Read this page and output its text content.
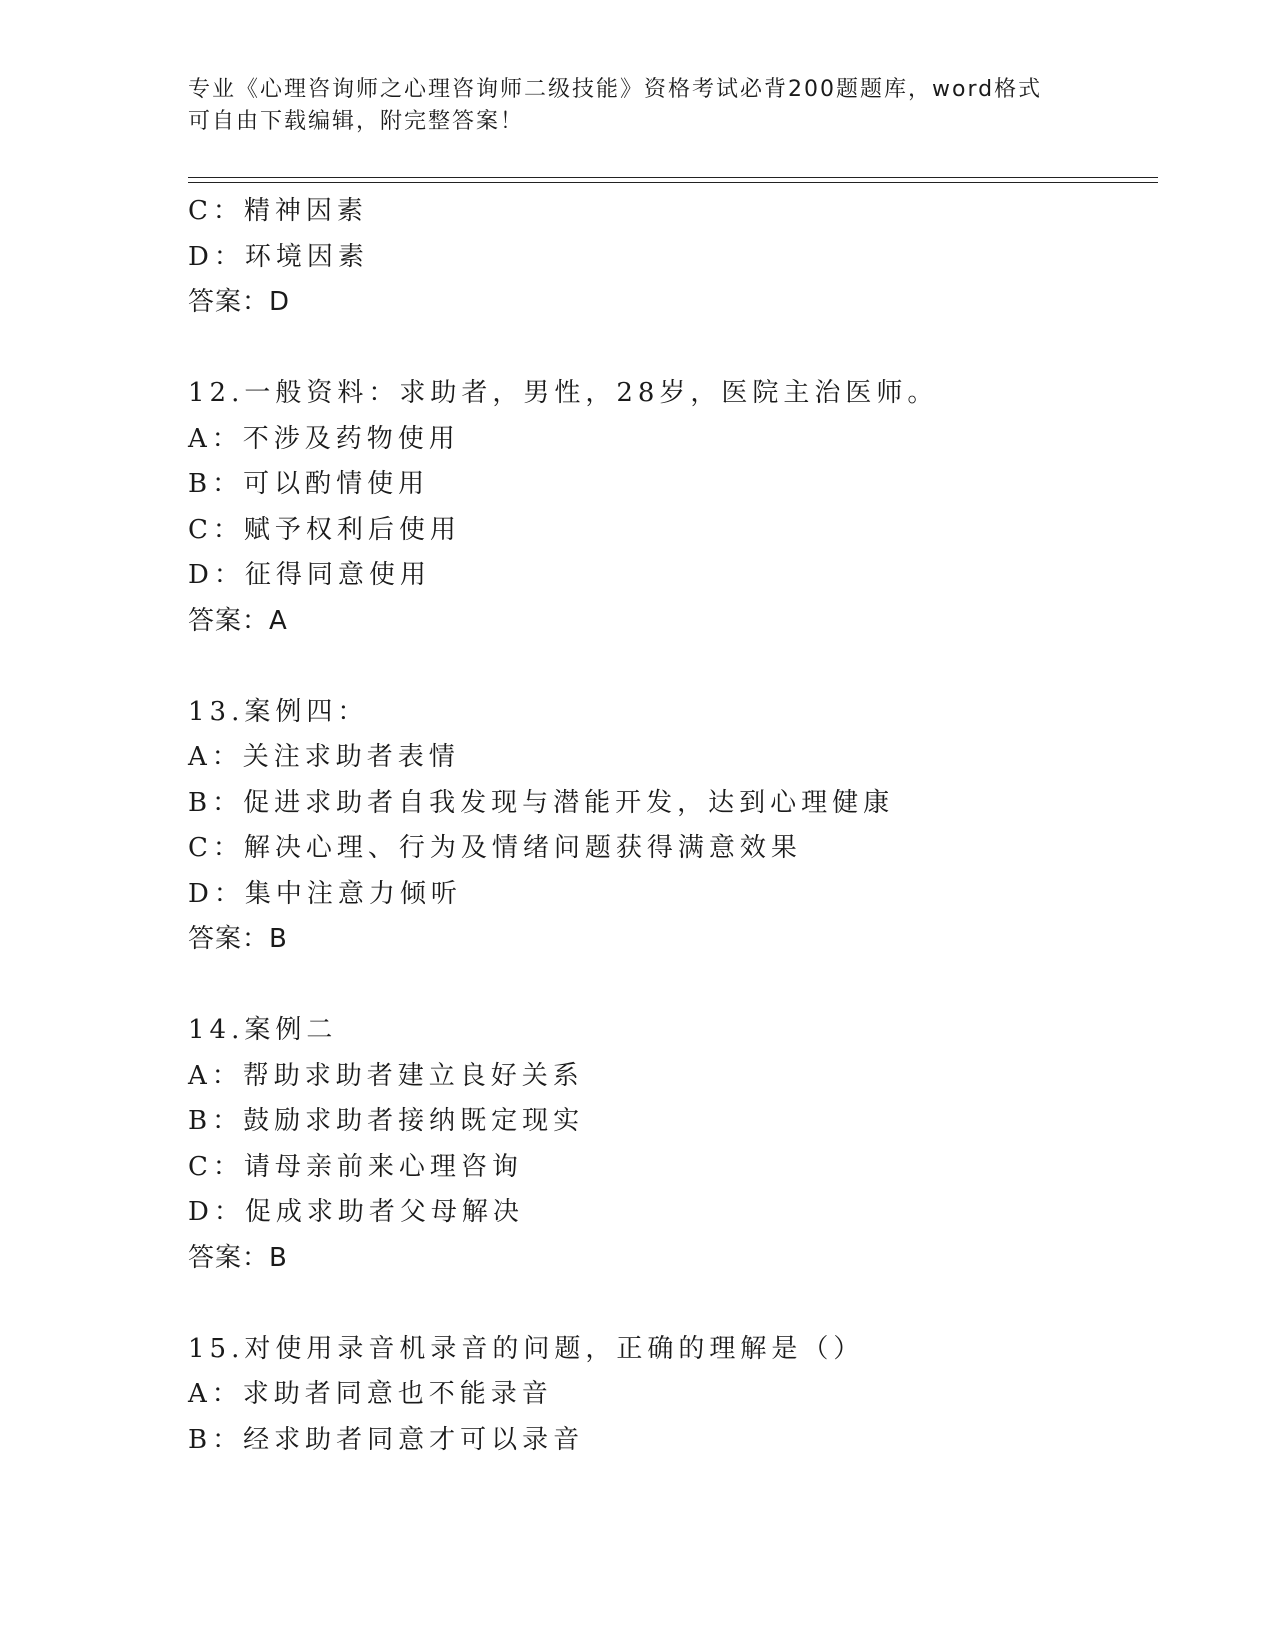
专业《心理咨询师之心理咨询师二级技能》资格考试必背200题题库，word格式
可自由下载编辑，附完整答案！
C：精神因素
D：环境因素
答案：D
12.一般资料：求助者，男性，28岁，医院主治医师。
A：不涉及药物使用
B：可以酌情使用
C：赋予权利后使用
D：征得同意使用
答案：A
13.案例四：
A：关注求助者表情
B：促进求助者自我发现与潜能开发，达到心理健康
C：解决心理、行为及情绪问题获得满意效果
D：集中注意力倾听
答案：B
14.案例二
A：帮助求助者建立良好关系
B：鼓励求助者接纳既定现实
C：请母亲前来心理咨询
D：促成求助者父母解决
答案：B
15.对使用录音机录音的问题，正确的理解是（）
A：求助者同意也不能录音
B：经求助者同意才可以录音
